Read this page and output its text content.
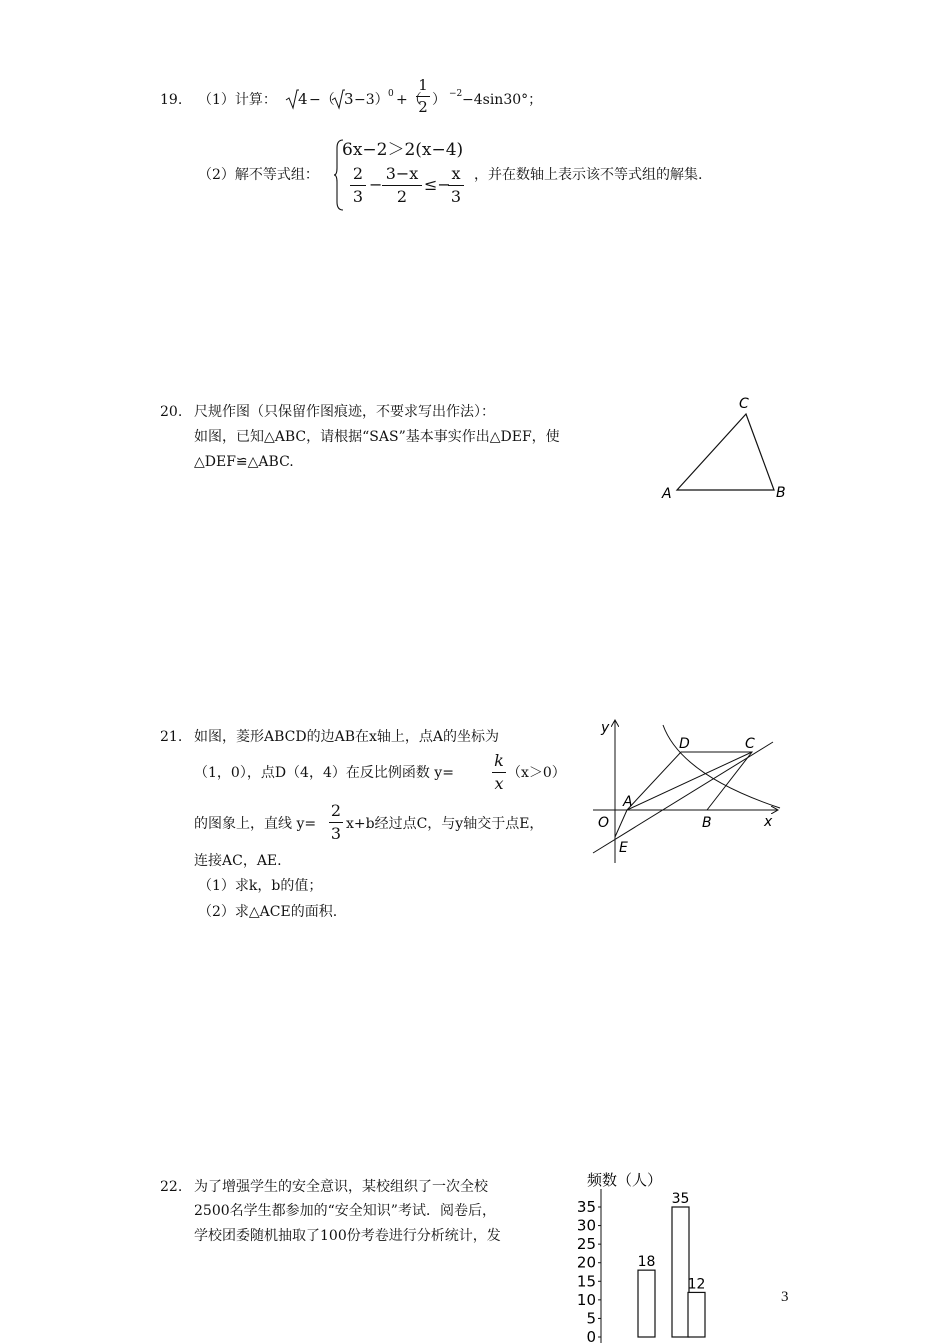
19. （1）计算： 4 −（ 3 −3） 0 +（
1
2 ） −2 −4sin30°；
（2）解不等式组：
6x−2＞2(x−4)
2
3
−
3−x
2
≤−
x
3
，并在数轴上表示该不等式组的解集.
20. 尺规作图（只保留作图痕迹，不要求写出作法）：
如图，已知△ABC，请根据“SAS”基本事实作出△DEF，使
△DEF≌△ABC.
C
A	B
21. 如图，菱形ABCD的边AB在x轴上，点A的坐标为
（1，0），点D（4，4）在反比例函数 y=
k
x
（x＞0）
的图象上，直线 y=
2
3 x+b经过点C，与y轴交于点E，
连接AC，AE.
（1）求k，b的值；
（2）求△ACE的面积.
y
x
O
A
B
C
D
E
22. 为了增强学生的安全意识，某校组织了一次全校
2500名学生都参加的“安全知识”考试．阅卷后，
学校团委随机抽取了100份考卷进行分析统计，发
频数（人）
0
5
10
15
20
25
30
35
18
35
12
3
